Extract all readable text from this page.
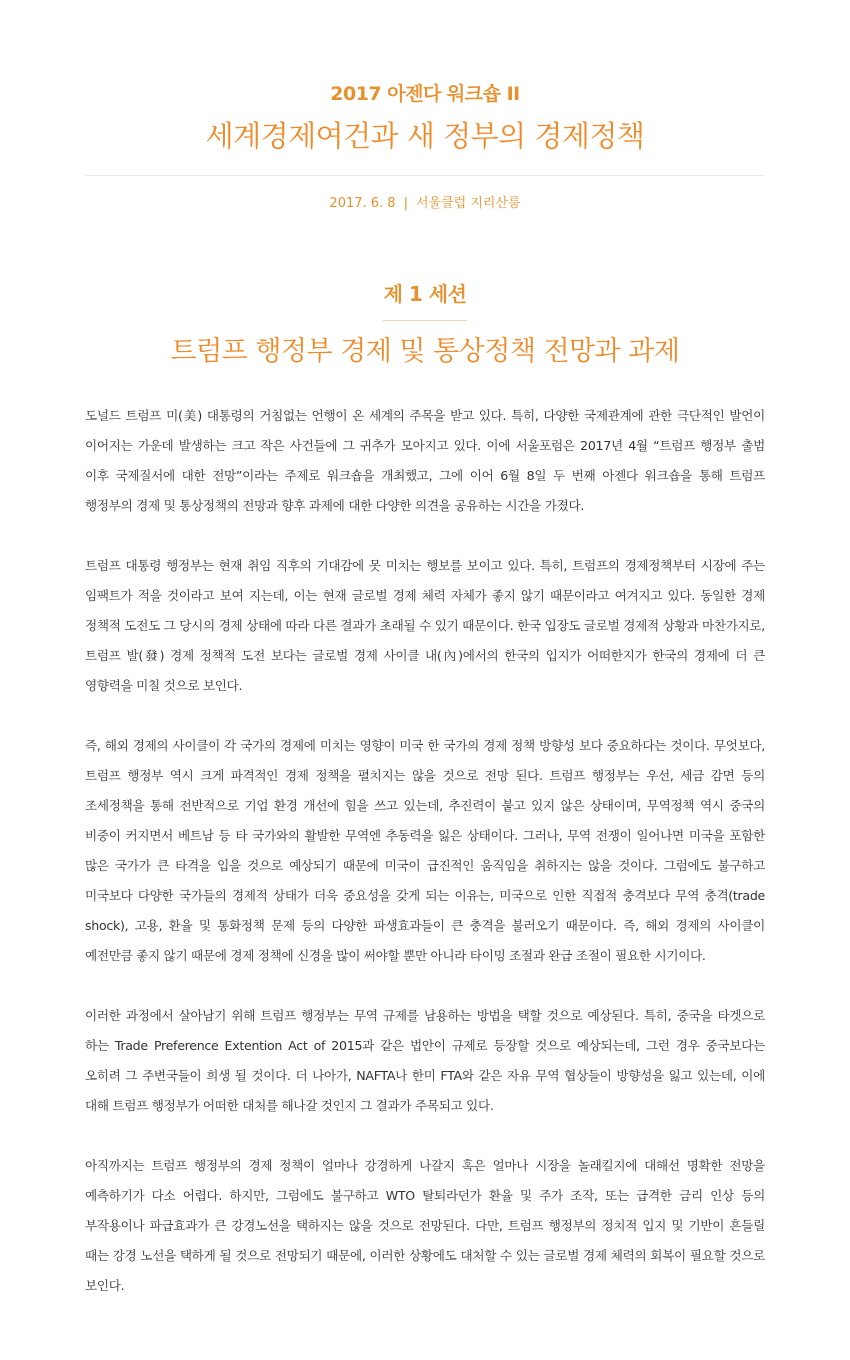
2017 아젠다 워크숍 II
세계경제여건과 새 정부의 경제정책
2017. 6. 8 | 서울클럽 지리산룸
제 1 세션
트럼프 행정부 경제 및 통상정책 전망과 과제

도널드 트럼프 미(美) 대통령의 거침없는 언행이 온 세계의 주목을 받고 있다. 특히, 다양한 국제관계에 관한 극단적인 발언이 이어지는 가운데 발생하는 크고 작은 사건들에 그 귀추가 모아지고 있다. 이에 서울포럼은 2017년 4월 “트럼프 행정부 출범 이후 국제질서에 대한 전망”이라는 주제로 워크숍을 개최했고, 그에 이어 6월 8일 두 번째 아젠다 워크숍을 통해 트럼프 행정부의 경제 및 통상정책의 전망과 향후 과제에 대한 다양한 의견을 공유하는 시간을 가졌다.

트럼프 대통령 행정부는 현재 취임 직후의 기대감에 못 미치는 행보를 보이고 있다. 특히, 트럼프의 경제정책부터 시장에 주는 임팩트가 적을 것이라고 보여 지는데, 이는 현재 글로벌 경제 체력 자체가 좋지 않기 때문이라고 여겨지고 있다. 동일한 경제 정책적 도전도 그 당시의 경제 상태에 따라 다른 결과가 초래될 수 있기 때문이다. 한국 입장도 글로벌 경제적 상황과 마찬가지로, 트럼프 발(發) 경제 정책적 도전 보다는 글로벌 경제 사이클 내(內)에서의 한국의 입지가 어떠한지가 한국의 경제에 더 큰 영향력을 미칠 것으로 보인다.

즉, 해외 경제의 사이클이 각 국가의 경제에 미치는 영향이 미국 한 국가의 경제 정책 방향성 보다 중요하다는 것이다. 무엇보다, 트럼프 행정부 역시 크게 파격적인 경제 정책을 펼치지는 않을 것으로 전망 된다. 트럼프 행정부는 우선, 세금 감면 등의 조세정책을 통해 전반적으로 기업 환경 개선에 힘을 쓰고 있는데, 추진력이 붙고 있지 않은 상태이며, 무역정책 역시 중국의 비중이 커지면서 베트남 등 타 국가와의 활발한 무역엔 추동력을 잃은 상태이다. 그러나, 무역 전쟁이 일어나면 미국을 포함한 많은 국가가 큰 타격을 입을 것으로 예상되기 때문에 미국이 급진적인 움직임을 취하지는 않을 것이다. 그럼에도 불구하고 미국보다 다양한 국가들의 경제적 상태가 더욱 중요성을 갖게 되는 이유는, 미국으로 인한 직접적 충격보다 무역 충격(trade shock), 고용, 환율 및 통화정책 문제 등의 다양한 파생효과들이 큰 충격을 불러오기 때문이다. 즉, 해외 경제의 사이클이 예전만큼 좋지 않기 때문에 경제 정책에 신경을 많이 써야할 뿐만 아니라 타이밍 조절과 완급 조절이 필요한 시기이다.

이러한 과정에서 살아남기 위해 트럼프 행정부는 무역 규제를 남용하는 방법을 택할 것으로 예상된다. 특히, 중국을 타겟으로 하는 Trade Preference Extention Act of 2015과 같은 법안이 규제로 등장할 것으로 예상되는데, 그런 경우 중국보다는 오히려 그 주변국들이 희생 될 것이다. 더 나아가, NAFTA나 한미 FTA와 같은 자유 무역 협상들이 방향성을 잃고 있는데, 이에 대해 트럼프 행정부가 어떠한 대처를 해나갈 것인지 그 결과가 주목되고 있다.

아직까지는 트럼프 행정부의 경제 정책이 얼마나 강경하게 나갈지 혹은 얼마나 시장을 놀래킬지에 대해선 명확한 전망을 예측하기가 다소 어렵다. 하지만, 그럼에도 불구하고 WTO 탈퇴라던가 환율 및 주가 조작, 또는 급격한 금리 인상 등의 부작용이나 파급효과가 큰 강경노선을 택하지는 않을 것으로 전망된다. 다만, 트럼프 행정부의 정치적 입지 및 기반이 흔들릴 때는 강경 노선을 택하게 될 것으로 전망되기 때문에, 이러한 상황에도 대처할 수 있는 글로벌 경제 체력의 회복이 필요할 것으로 보인다.
